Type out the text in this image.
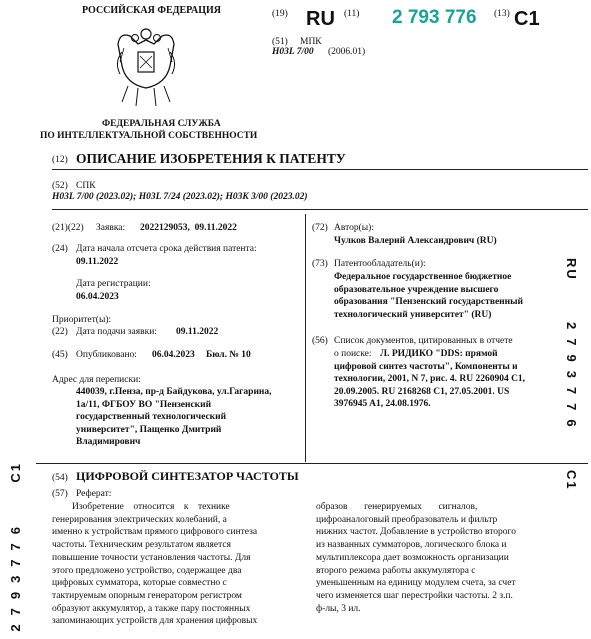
РОССИЙСКАЯ ФЕДЕРАЦИЯ
ФЕДЕРАЛЬНАЯ СЛУЖБА
ПО ИНТЕЛЛЕКТУАЛЬНОЙ СОБСТВЕННОСТИ
(19) RU (11) 2 793 776 (13) C1
(51) МПК
H03L 7/00 (2006.01)
(12) ОПИСАНИЕ ИЗОБРЕТЕНИЯ К ПАТЕНТУ
(52) СПК
H03L 7/00 (2023.02); H03L 7/24 (2023.02); H03K 3/00 (2023.02)
(21)(22) Заявка: 2022129053,  09.11.2022
(24) Дата начала отсчета срока действия патента:
09.11.2022
Дата регистрации:
06.04.2023
Приоритет(ы):
(22) Дата подачи заявки: 09.11.2022
(45) Опубликовано: 06.04.2023 Бюл. № 10
Адрес для переписки:
440039, г.Пенза, пр-д Байдукова, ул.Гагарина,
1а/11, ФГБОУ ВО "Пензенский
государственный технологический
университет", Пащенко Дмитрий
Владимирович
(72) Автор(ы):
Чулков Валерий Александрович (RU)
(73) Патентообладатель(и):
Федеральное государственное бюджетное
образовательное учреждение высшего
образования "Пензенский государственный
технологический университет" (RU)
(56) Список документов, цитированных в отчете
о поиске: Л. РИДИКО "DDS: прямой
цифровой синтез частоты", Компоненты и
технологии, 2001, N 7, рис. 4. RU 2260904 C1,
20.09.2005. RU 2168268 C1, 27.05.2001. US
3976945 A1, 24.08.1976.
(54) ЦИФРОВОЙ СИНТЕЗАТОР ЧАСТОТЫ
(57) Реферат:
Изобретение    относится    к    технике
генерирования электрических колебаний, а
именно к устройствам прямого цифрового синтеза
частоты. Техническим результатом является
повышение точности установления частоты. Для
этого предложено устройство, содержащее два
цифровых сумматора, которые совместно с
тактируемым опорным генератором регистром
образуют аккумулятор, а также пару постоянных
запоминающих устройств для хранения цифровых
образов       генерируемых       сигналов,
цифроаналоговый преобразователь и фильтр
нижних частот. Добавление в устройство второго
из названных сумматоров, логического блока и
мультиплексора дает возможность организации
второго режима работы аккумулятора с
уменьшенным на единицу модулем счета, за счет
чего изменяется шаг перестройки частоты. 2 з.п.
ф-лы, 3 ил.
RU
2793776
C1
C1
2793776
